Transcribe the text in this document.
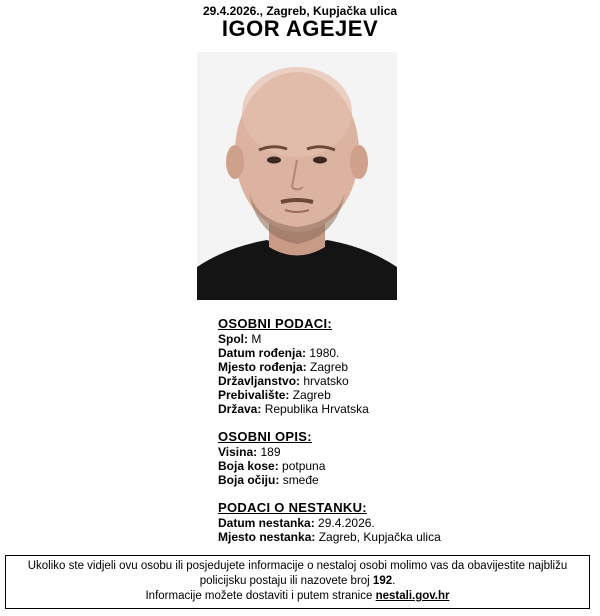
29.4.2026., Zagreb, Kupjačka ulica
IGOR AGEJEV
OSOBNI PODACI:
Spol: M
Datum rođenja: 1980.
Mjesto rođenja: Zagreb
Državljanstvo: hrvatsko
Prebivalište: Zagreb
Država: Republika Hrvatska
OSOBNI OPIS:
Visina: 189
Boja kose: potpuna
Boja očiju: smeđe
PODACI O NESTANKU:
Datum nestanka: 29.4.2026.
Mjesto nestanka: Zagreb, Kupjačka ulica
Ukoliko ste vidjeli ovu osobu ili posjedujete informacije o nestaloj osobi molimo vas da obavijestite najbližu
policijsku postaju ili nazovete broj 192.
Informacije možete dostaviti i putem stranice nestali.gov.hr
